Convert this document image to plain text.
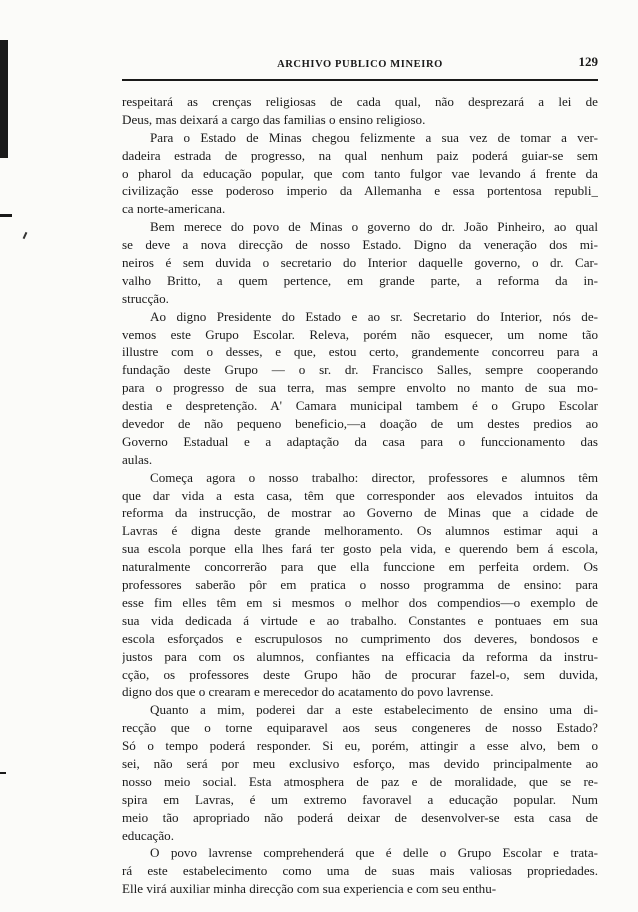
ARCHIVO PUBLICO MINEIRO	129

respeitará as crenças religiosas de cada qual, não desprezará a lei de
Deus, mas deixará a cargo das familias o ensino religioso.

Para o Estado de Minas chegou felizmente a sua vez de tomar a ver-
dadeira estrada de progresso, na qual nenhum paiz poderá guiar-se sem
o pharol da educação popular, que com tanto fulgor vae levando á frente da
civilização esse poderoso imperio da Allemanha e essa portentosa republi_
ca norte-americana.

Bem merece do povo de Minas o governo do dr. João Pinheiro, ao qual
se deve a nova direcção de nosso Estado. Digno da veneração dos mi-
neiros é sem duvida o secretario do Interior daquelle governo, o dr. Car-
valho Britto, a quem pertence, em grande parte, a reforma da in-
strucção.

Ao digno Presidente do Estado e ao sr. Secretario do Interior, nós de-
vemos este Grupo Escolar. Releva, porém não esquecer, um nome tão
illustre com o desses, e que, estou certo, grandemente concorreu para a
fundação deste Grupo — o sr. dr. Francisco Salles, sempre cooperando
para o progresso de sua terra, mas sempre envolto no manto de sua mo-
destia e despretenção. A' Camara municipal tambem é o Grupo Escolar
devedor de não pequeno beneficio,—a doação de um destes predios ao
Governo Estadual e a adaptação da casa para o funccionamento das
aulas.

Começa agora o nosso trabalho: director, professores e alumnos têm
que dar vida a esta casa, têm que corresponder aos elevados intuitos da
reforma da instrucção, de mostrar ao Governo de Minas que a cidade de
Lavras é digna deste grande melhoramento. Os alumnos estimar aqui a
sua escola porque ella lhes fará ter gosto pela vida, e querendo bem á escola,
naturalmente concorrerão para que ella funccione em perfeita ordem. Os
professores saberão pôr em pratica o nosso programma de ensino: para
esse fim elles têm em si mesmos o melhor dos compendios—o exemplo de
sua vida dedicada á virtude e ao trabalho. Constantes e pontuaes em sua
escola esforçados e escrupulosos no cumprimento dos deveres, bondosos e
justos para com os alumnos, confiantes na efficacia da reforma da instru-
cção, os professores deste Grupo hão de procurar fazel-o, sem duvida,
digno dos que o crearam e merecedor do acatamento do povo lavrense.

Quanto a mim, poderei dar a este estabelecimento de ensino uma di-
recção que o torne equiparavel aos seus congeneres de nosso Estado?
Só o tempo poderá responder. Si eu, porém, attingir a esse alvo, bem o
sei, não será por meu exclusivo esforço, mas devido principalmente ao
nosso meio social. Esta atmosphera de paz e de moralidade, que se re-
spira em Lavras, é um extremo favoravel a educação popular. Num
meio tão apropriado não poderá deixar de desenvolver-se esta casa de
educação.

O povo lavrense comprehenderá que é delle o Grupo Escolar e trata-
rá este estabelecimento como uma de suas mais valiosas propriedades.
Elle virá auxiliar minha direcção com sua experiencia e com seu enthu-
